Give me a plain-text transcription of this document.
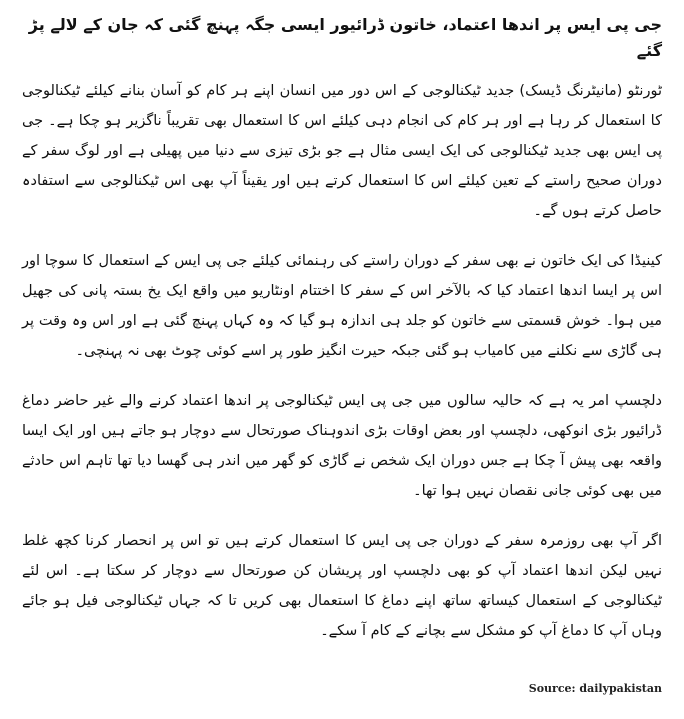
جی پی ایس پر اندھا اعتماد، خاتون ڈرائیور ایسی جگہ پہنچ گئی کہ جان کے لالے پڑ گئے

ٹورنٹو (مانیٹرنگ ڈیسک) جدید ٹیکنالوجی کے اس دور میں انسان اپنے ہر کام کو آسان بنانے کیلئے ٹیکنالوجی کا استعمال کر رہا ہے اور ہر کام کی انجام دہی کیلئے اس کا استعمال بھی تقریباً ناگزیر ہو چکا ہے۔ جی پی ایس بھی جدید ٹیکنالوجی کی ایک ایسی مثال ہے جو بڑی تیزی سے دنیا میں پھیلی ہے اور لوگ سفر کے دوران صحیح راستے کے تعین کیلئے اس کا استعمال کرتے ہیں اور یقیناً آپ بھی اس ٹیکنالوجی سے استفادہ حاصل کرتے ہوں گے۔

کینیڈا کی ایک خاتون نے بھی سفر کے دوران راستے کی رہنمائی کیلئے جی پی ایس کے استعمال کا سوچا اور اس پر ایسا اندھا اعتماد کیا کہ بالآخر اس کے سفر کا اختتام اونٹاریو میں واقع ایک یخ بستہ پانی کی جھیل میں ہوا۔ خوش قسمتی سے خاتون کو جلد ہی اندازہ ہو گیا کہ وہ کہاں پہنچ گئی ہے اور اس وہ وقت پر ہی گاڑی سے نکلنے میں کامیاب ہو گئی جبکہ حیرت انگیز طور پر اسے کوئی چوٹ بھی نہ پہنچی۔

دلچسپ امر یہ ہے کہ حالیہ سالوں میں جی پی ایس ٹیکنالوجی پر اندھا اعتماد کرنے والے غیر حاضر دماغ ڈرائیور بڑی انوکھی، دلچسپ اور بعض اوقات بڑی اندوہناک صورتحال سے دوچار ہو جاتے ہیں اور ایک ایسا واقعہ بھی پیش آ چکا ہے جس دوران ایک شخص نے گاڑی کو گھر میں اندر ہی گھسا دیا تھا تاہم اس حادثے میں بھی کوئی جانی نقصان نہیں ہوا تھا۔

اگر آپ بھی روزمرہ سفر کے دوران جی پی ایس کا استعمال کرتے ہیں تو اس پر انحصار کرنا کچھ غلط نہیں لیکن اندھا اعتماد آپ کو بھی دلچسپ اور پریشان کن صورتحال سے دوچار کر سکتا ہے۔ اس لئے ٹیکنالوجی کے استعمال کیساتھ ساتھ اپنے دماغ کا استعمال بھی کریں تا کہ جہاں ٹیکنالوجی فیل ہو جائے وہاں آپ کا دماغ آپ کو مشکل سے بچانے کے کام آ سکے۔

Source: dailypakistan
